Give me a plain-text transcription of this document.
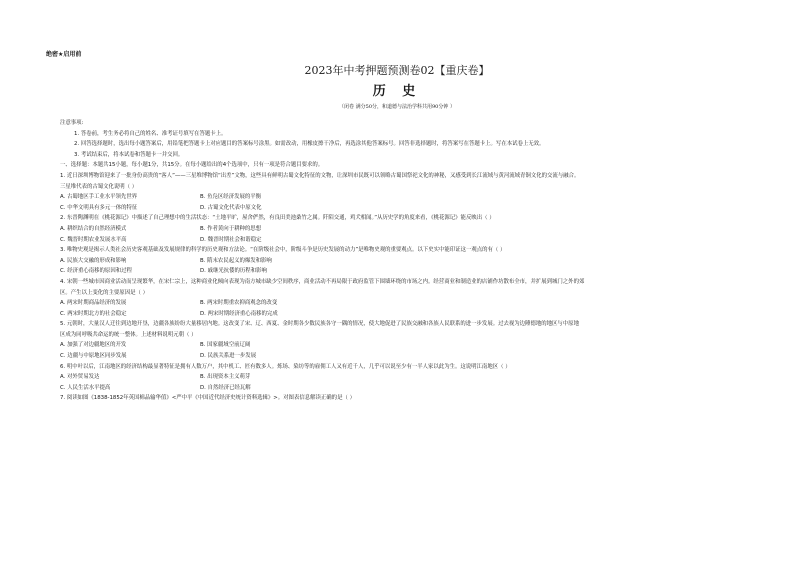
绝密★启用前
2023年中考押题预测卷02【重庆卷】
历 史
（闭卷 满分50分，和道德与法治学科共用90分钟 ）
注意事项:
1. 答卷前，考生务必将自己的姓名、准考证号填写在答题卡上。
2. 回答选择题时，选出每小题答案后，用铅笔把答题卡上对应题目的答案标号涂黑。如需改动，用橡皮擦干净后，再选涂其他答案标号。回答非选择题时，将答案写在答题卡上。写在本试卷上无效。
3. 考试结束后，将本试卷和答题卡一并交回。
一、选择题：本题共15小题，每小题1分，共15分。在每小题给出的4个选项中，只有一项是符合题目要求的。
1. 近日深圳博物馆迎来了一批身份高贵的“客人”——三星堆博物馆“出差”文物，这些具有鲜明古蜀文化特征的文物，让深圳市民既可以领略古蜀国祭祀文化的神秘，又感受到长江流域与黄河流域青铜文化的交流与融合。
三星堆代表的古蜀文化说明（ ）
A. 古蜀地区手工业水平领先世界	B. 鱼凫区经济发展的平衡
C. 中华文明具有多元一体的特征	D. 古蜀文化代表中原文化
2. 东晋陶渊明在《桃花源记》中描述了自己理想中的生活状态：“土地平旷，屋舍俨然，有良田美池桑竹之属。阡陌交通，鸡犬相闻。”从历史学的角度来看，《桃花源记》能反映出（ ）
A. 耕织结合的自然经济模式	B. 作者黄向于耕种的思想
C. 魏晋时期农业发展水平高	D. 魏晋时期社会和谐稳定
3. 唯物史观是揭示人类社会历史客观基础及发展规律的科学的历史观和方法论。“在阶级社会中，阶级斗争是历史发展的动力”是唯物史观的重要观点。以下史实中能印证这一观点的有（ ）
A. 民族大交融的形成和影响	B. 隋末农民起义的爆发和影响
C. 经济重心南移的原因和过程	D. 戚继光抗倭的历程和影响
4. 宋朝一些城市因商业活动而呈现繁华，在宋仁宗上，这种商业化倾向表现为南方城市缺少空间秩序，商业活动不再局限于政府监管下围墙环绕的市场之内。经营商业和制造业的店铺作坊散布全市，并扩展到城门之外的郊
区。产生以上变化的主要原因是（ ）
A. 两宋时期商品经济的发展	B. 两宋时期重农抑商观念的改变
C. 两宋时期北方的社会稳定	D. 两宋时期经济重心南移的完成
5. 元朝时，大量汉人迁往到边地开垦，边疆各族纷纷大量移居内地。这改变了宋、辽、西夏、金时期各少数民族各守一隅的情况，使大地促进了民族交融和各族人民联系的进一步发展。过去视为边陲德地的地区与中原地
区成为同呼吸共命运的统一整体。上述材料说明元朝（ ）
A. 加强了对边疆地区的开发	B. 国家疆域空前辽阔
C. 边疆与中原地区同步发展	D. 民族关系进一步发展
6. 明中叶以后，江南地区的经济结构最显著特征是拥有人数万户，其中机工、匠有数多人。炼场、染坊等的雇佣工人又有近千人，几乎可以说至少有一半人家以此为生。这说明江南地区（ ）
A. 对外贸易发达	B. 出现资本主义萌芽
C. 人民生活水平提高	D. 自然经济已经瓦解
7. 阅读如图《1838-1852年英国棉品输华值》<严中平《中国近代经济史统计资料选辑》>。对图表信息解读正确的是（ ）
